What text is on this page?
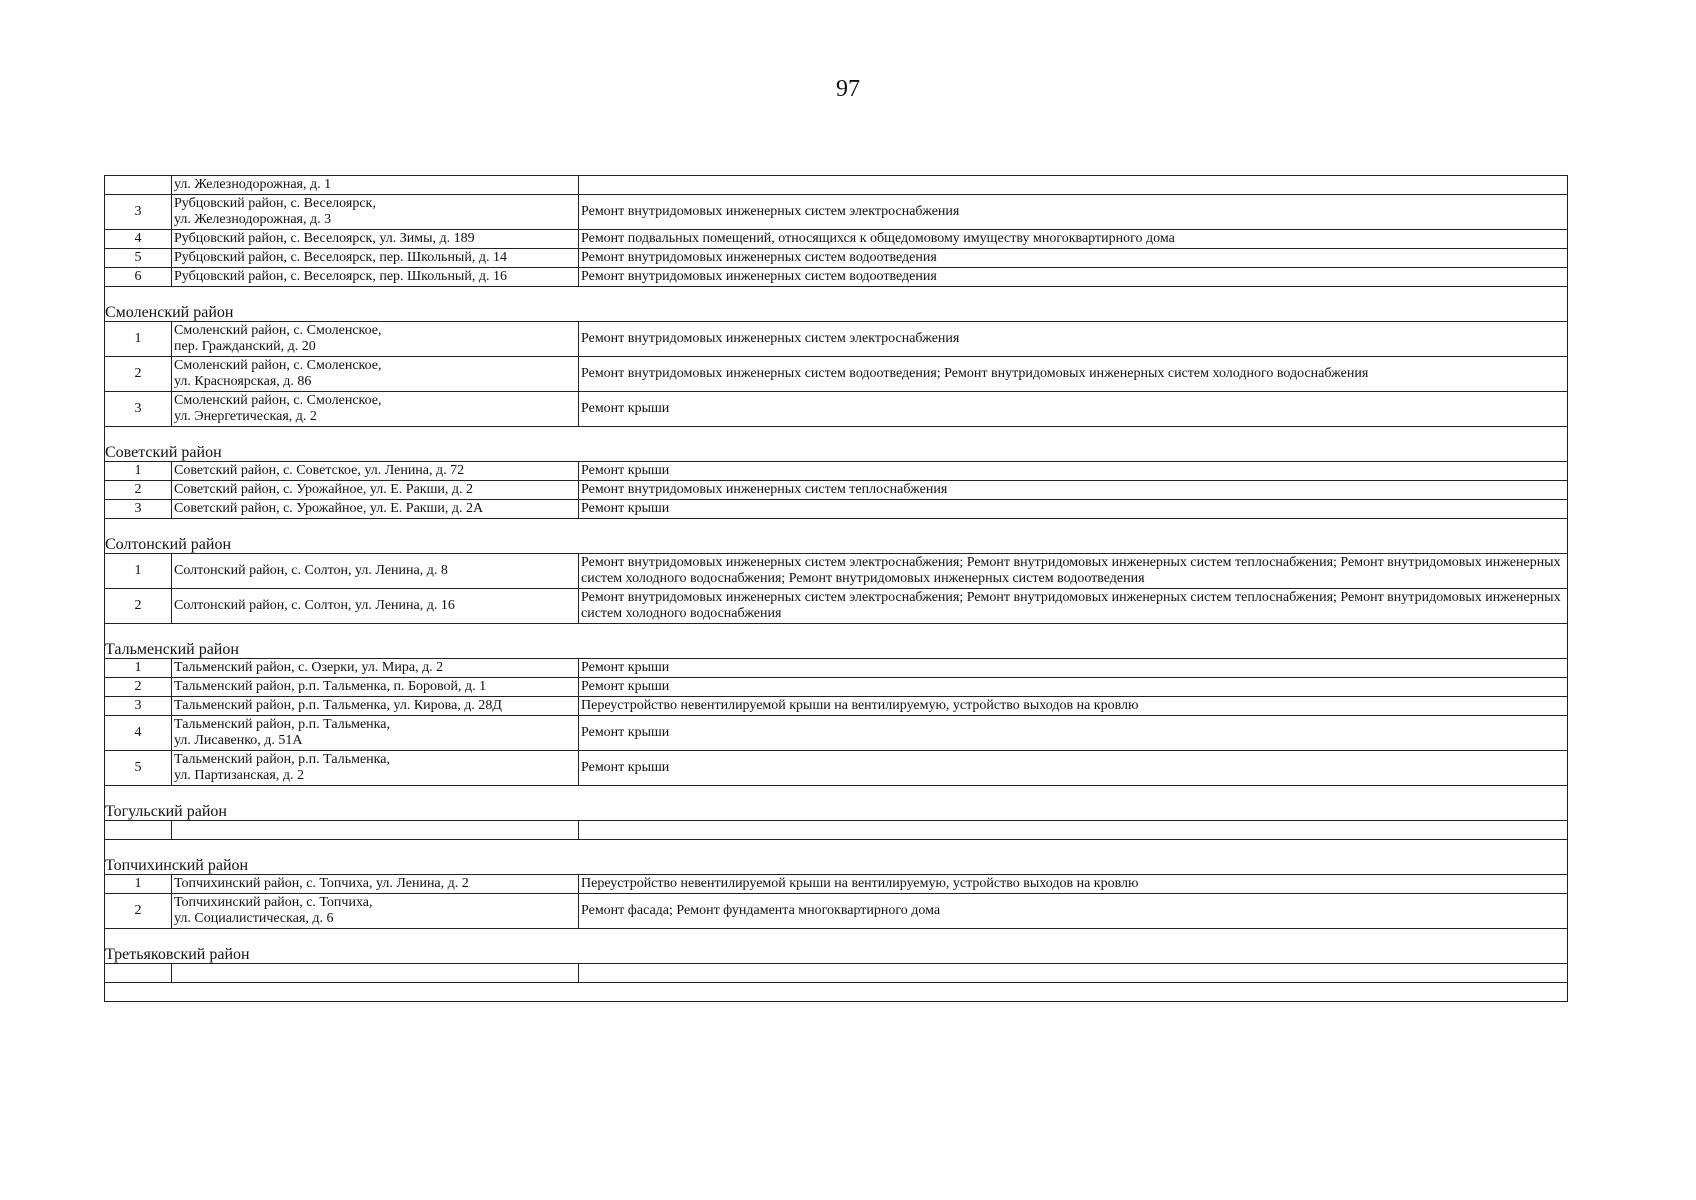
97

	ул. Железнодорожная, д. 1	

3	Рубцовский район, с. Веселоярск,
ул. Железнодорожная, д. 3	Ремонт внутридомовых инженерных систем электроснабжения
4	Рубцовский район, с. Веселоярск, ул. Зимы, д. 189	Ремонт подвальных помещений, относящихся к общедомовому имуществу многоквартирного дома
5	Рубцовский район, с. Веселоярск, пер. Школьный, д. 14	Ремонт внутридомовых инженерных систем водоотведения
6	Рубцовский район, с. Веселоярск, пер. Школьный, д. 16	Ремонт внутридомовых инженерных систем водоотведения

Смоленский район		
1	Смоленский район, с. Смоленское,
пер. Гражданский, д. 20	Ремонт внутридомовых инженерных систем электроснабжения
2	Смоленский район, с. Смоленское,
ул. Красноярская, д. 86	Ремонт внутридомовых инженерных систем водоотведения; Ремонт внутридомовых инженерных систем холодного водоснабжения
3	Смоленский район, с. Смоленское,
ул. Энергетическая, д. 2	Ремонт крыши

Советский район		
1	Советский район, с. Советское, ул. Ленина, д. 72	Ремонт крыши
2	Советский район, с. Урожайное, ул. Е. Ракши, д. 2	Ремонт внутридомовых инженерных систем теплоснабжения
3	Советский район, с. Урожайное, ул. Е. Ракши, д. 2А	Ремонт крыши

Солтонский район		
1	Солтонский район, с. Солтон, ул. Ленина, д. 8	Ремонт внутридомовых инженерных систем электроснабжения; Ремонт внутридомовых инженерных систем теплоснабжения; Ремонт внутридомовых инженерных систем холодного водоснабжения; Ремонт внутридомовых инженерных систем водоотведения
2	Солтонский район, с. Солтон, ул. Ленина, д. 16	Ремонт внутридомовых инженерных систем электроснабжения; Ремонт внутридомовых инженерных систем теплоснабжения; Ремонт внутридомовых инженерных систем холодного водоснабжения

Тальменский район		
1	Тальменский район, с. Озерки, ул. Мира, д. 2	Ремонт крыши
2	Тальменский район, р.п. Тальменка, п. Боровой, д. 1	Ремонт крыши
3	Тальменский район, р.п. Тальменка, ул. Кирова, д. 28Д	Переустройство невентилируемой крыши на вентилируемую, устройство выходов на кровлю
4	Тальменский район, р.п. Тальменка,
ул. Лисавенко, д. 51А	Ремонт крыши
5	Тальменский район, р.п. Тальменка,
ул. Партизанская, д. 2	Ремонт крыши

Тогульский район		

Топчихинский район		
1	Топчихинский район, с. Топчиха, ул. Ленина, д. 2	Переустройство невентилируемой крыши на вентилируемую, устройство выходов на кровлю
2	Топчихинский район, с. Топчиха,
ул. Социалистическая, д. 6	Ремонт фасада; Ремонт фундамента многоквартирного дома

Третьяковский район		
